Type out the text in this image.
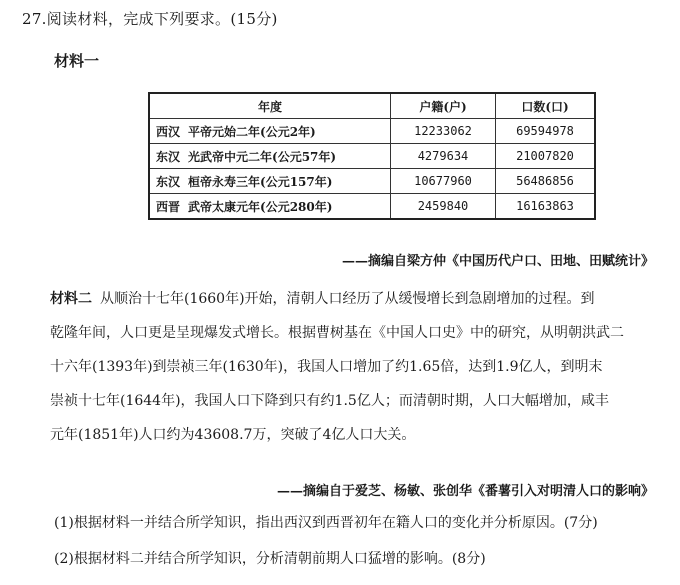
27.阅读材料，完成下列要求。(15分)
材料一
年度	户籍(户)	口数(口)
西汉 平帝元始二年(公元2年)	12233062	69594978
东汉 光武帝中元二年(公元57年)	4279634	21007820
东汉 桓帝永寿三年(公元157年)	10677960	56486856
西晋 武帝太康元年(公元280年)	2459840	16163863
——摘编自梁方仲《中国历代户口、田地、田赋统计》
材料二 从顺治十七年(1660年)开始，清朝人口经历了从缓慢增长到急剧增加的过程。到
乾隆年间，人口更是呈现爆发式增长。根据曹树基在《中国人口史》中的研究，从明朝洪武二
十六年(1393年)到崇祯三年(1630年)，我国人口增加了约1.65倍，达到1.9亿人，到明末
崇祯十七年(1644年)，我国人口下降到只有约1.5亿人；而清朝时期，人口大幅增加，咸丰
元年(1851年)人口约为43608.7万，突破了4亿人口大关。
——摘编自于爱芝、杨敏、张创华《番薯引入对明清人口的影响》
(1)根据材料一并结合所学知识，指出西汉到西晋初年在籍人口的变化并分析原因。(7分)
(2)根据材料二并结合所学知识，分析清朝前期人口猛增的影响。(8分)
